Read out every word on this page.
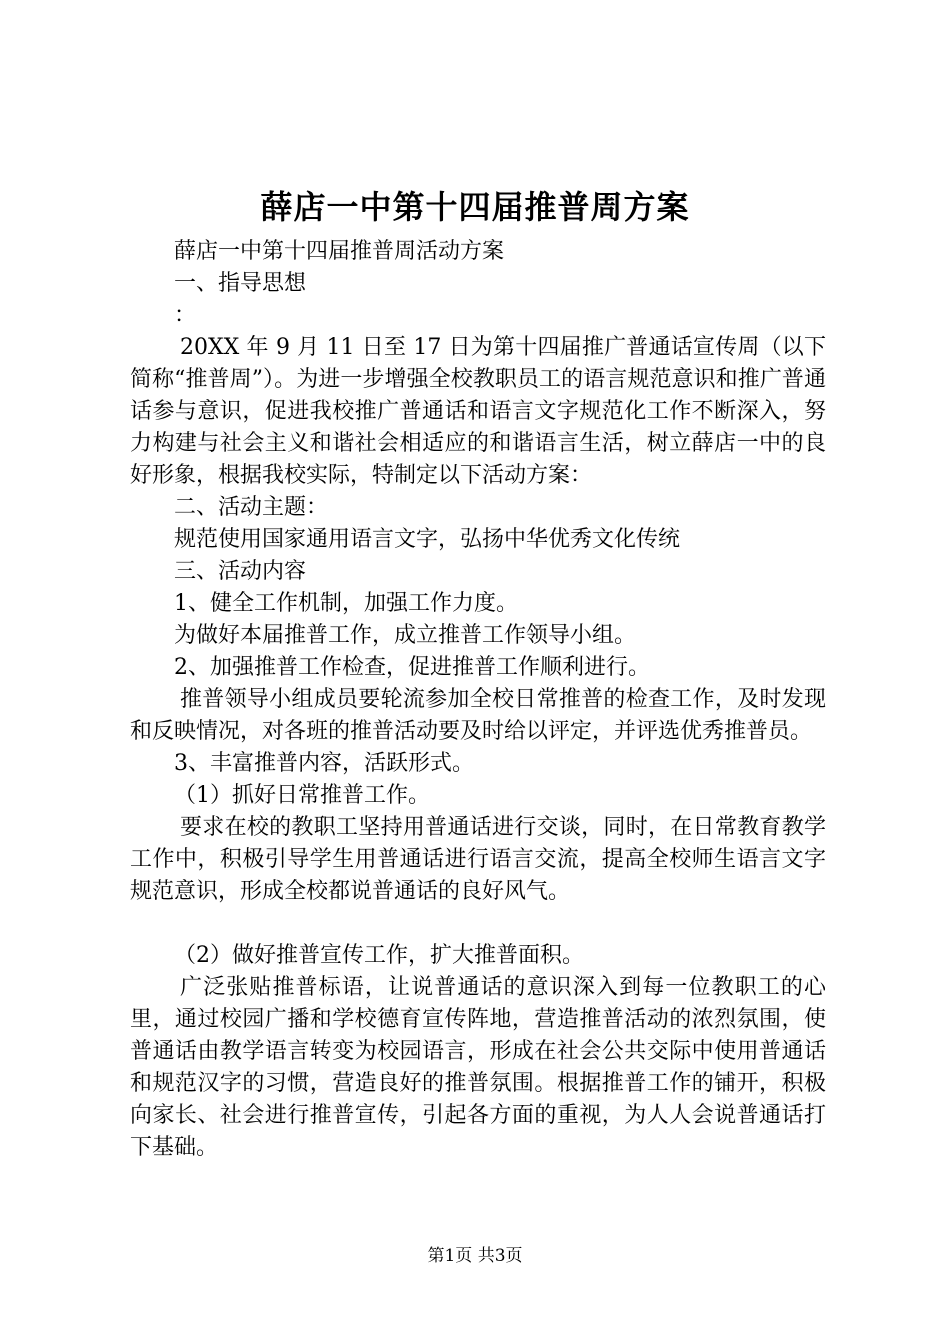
薛店一中第十四届推普周方案

薛店一中第十四届推普周活动方案

一、指导思想

：

20XX 年 9 月 11 日至 17 日为第十四届推广普通话宣传周（以下简称“推普周”）。为进一步增强全校教职员工的语言规范意识和推广普通话参与意识，促进我校推广普通话和语言文字规范化工作不断深入，努力构建与社会主义和谐社会相适应的和谐语言生活，树立薛店一中的良好形象，根据我校实际，特制定以下活动方案：

二、活动主题：

规范使用国家通用语言文字，弘扬中华优秀文化传统

三、活动内容

1、健全工作机制，加强工作力度。

为做好本届推普工作，成立推普工作领导小组。

2、加强推普工作检查，促进推普工作顺利进行。

推普领导小组成员要轮流参加全校日常推普的检查工作，及时发现和反映情况，对各班的推普活动要及时给以评定，并评选优秀推普员。

3、丰富推普内容，活跃形式。

（1）抓好日常推普工作。

要求在校的教职工坚持用普通话进行交谈，同时，在日常教育教学工作中，积极引导学生用普通话进行语言交流，提高全校师生语言文字规范意识，形成全校都说普通话的良好风气。

（2）做好推普宣传工作，扩大推普面积。

广泛张贴推普标语，让说普通话的意识深入到每一位教职工的心里，通过校园广播和学校德育宣传阵地，营造推普活动的浓烈氛围，使普通话由教学语言转变为校园语言，形成在社会公共交际中使用普通话和规范汉字的习惯，营造良好的推普氛围。根据推普工作的铺开，积极向家长、社会进行推普宣传，引起各方面的重视，为人人会说普通话打下基础。

第1页 共3页
